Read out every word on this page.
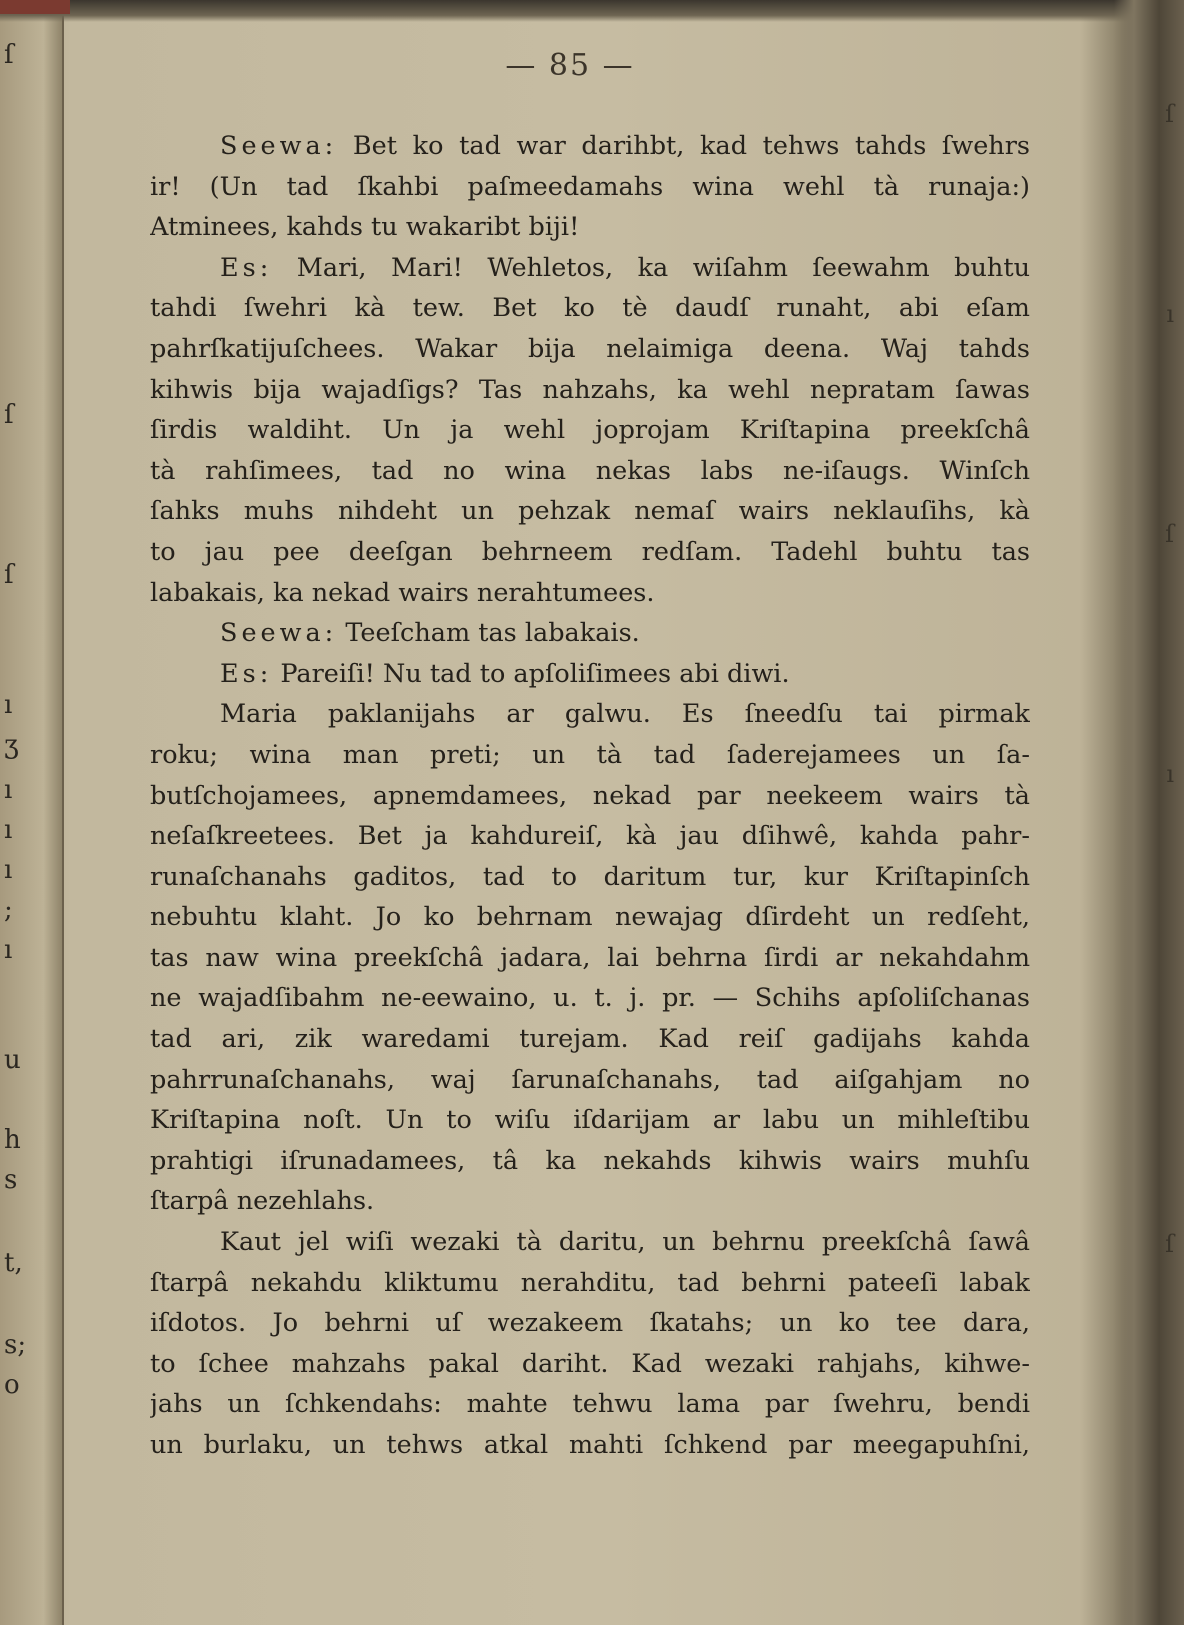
ſ
ſ
ſ
ı
ʒ
ı
ı
ı
;
ı
u
h
s
t,
s;
o
ſ
ı
ſ
ı
ſ
— 85 —
Seewa: Bet ko tad war darihbt, kad tehws tahds ſwehrs
ir! (Un tad ſkahbi paſmeedamahs wina wehl tà runaja:)
Atminees, kahds tu wakaribt biji!
Es: Mari, Mari! Wehletos, ka wiſahm ſeewahm buhtu
tahdi ſwehri kà tew. Bet ko tè daudſ runaht, abi eſam
pahrſkatijuſchees. Wakar bija nelaimiga deena. Waj tahds
kihwis bija wajadſigs? Tas nahzahs, ka wehl nepratam ſawas
ſirdis waldiht. Un ja wehl joprojam Kriſtapina preekſchâ
tà rahſimees, tad no wina nekas labs ne-iſaugs. Winſch
ſahks muhs nihdeht un pehzak nemaſ wairs neklauſihs, kà
to jau pee deeſgan behrneem redſam. Tadehl buhtu tas
labakais, ka nekad wairs nerahtumees.
Seewa: Teeſcham tas labakais.
Es: Pareiſi! Nu tad to apſoliſimees abi diwi.
Maria paklanijahs ar galwu. Es ſneedſu tai pirmak
roku; wina man preti; un tà tad ſaderejamees un ſa-
butſchojamees, apnemdamees, nekad par neekeem wairs tà
neſaſkreetees. Bet ja kahdureiſ, kà jau dſihwê, kahda pahr-
runaſchanahs gaditos, tad to daritum tur, kur Kriſtapinſch
nebuhtu klaht. Jo ko behrnam newajag dſirdeht un redſeht,
tas naw wina preekſchâ jadara, lai behrna ſirdi ar nekahdahm
ne wajadſibahm ne-eewaino, u. t. j. pr. — Schihs apſoliſchanas
tad ari, zik waredami turejam. Kad reiſ gadijahs kahda
pahrrunaſchanahs, waj ſarunaſchanahs, tad aiſgahjam no
Kriſtapina noſt. Un to wiſu iſdarijam ar labu un mihleſtibu
prahtigi iſrunadamees, tâ ka nekahds kihwis wairs muhſu
ſtarpâ nezehlahs.
Kaut jel wiſi wezaki tà daritu, un behrnu preekſchâ ſawâ
ſtarpâ nekahdu kliktumu nerahditu, tad behrni pateeſi labak
iſdotos. Jo behrni uſ wezakeem ſkatahs; un ko tee dara,
to ſchee mahzahs pakal dariht. Kad wezaki rahjahs, kihwe-
jahs un ſchkendahs: mahte tehwu lama par ſwehru, bendi
un burlaku, un tehws atkal mahti ſchkend par meegapuhſni,
